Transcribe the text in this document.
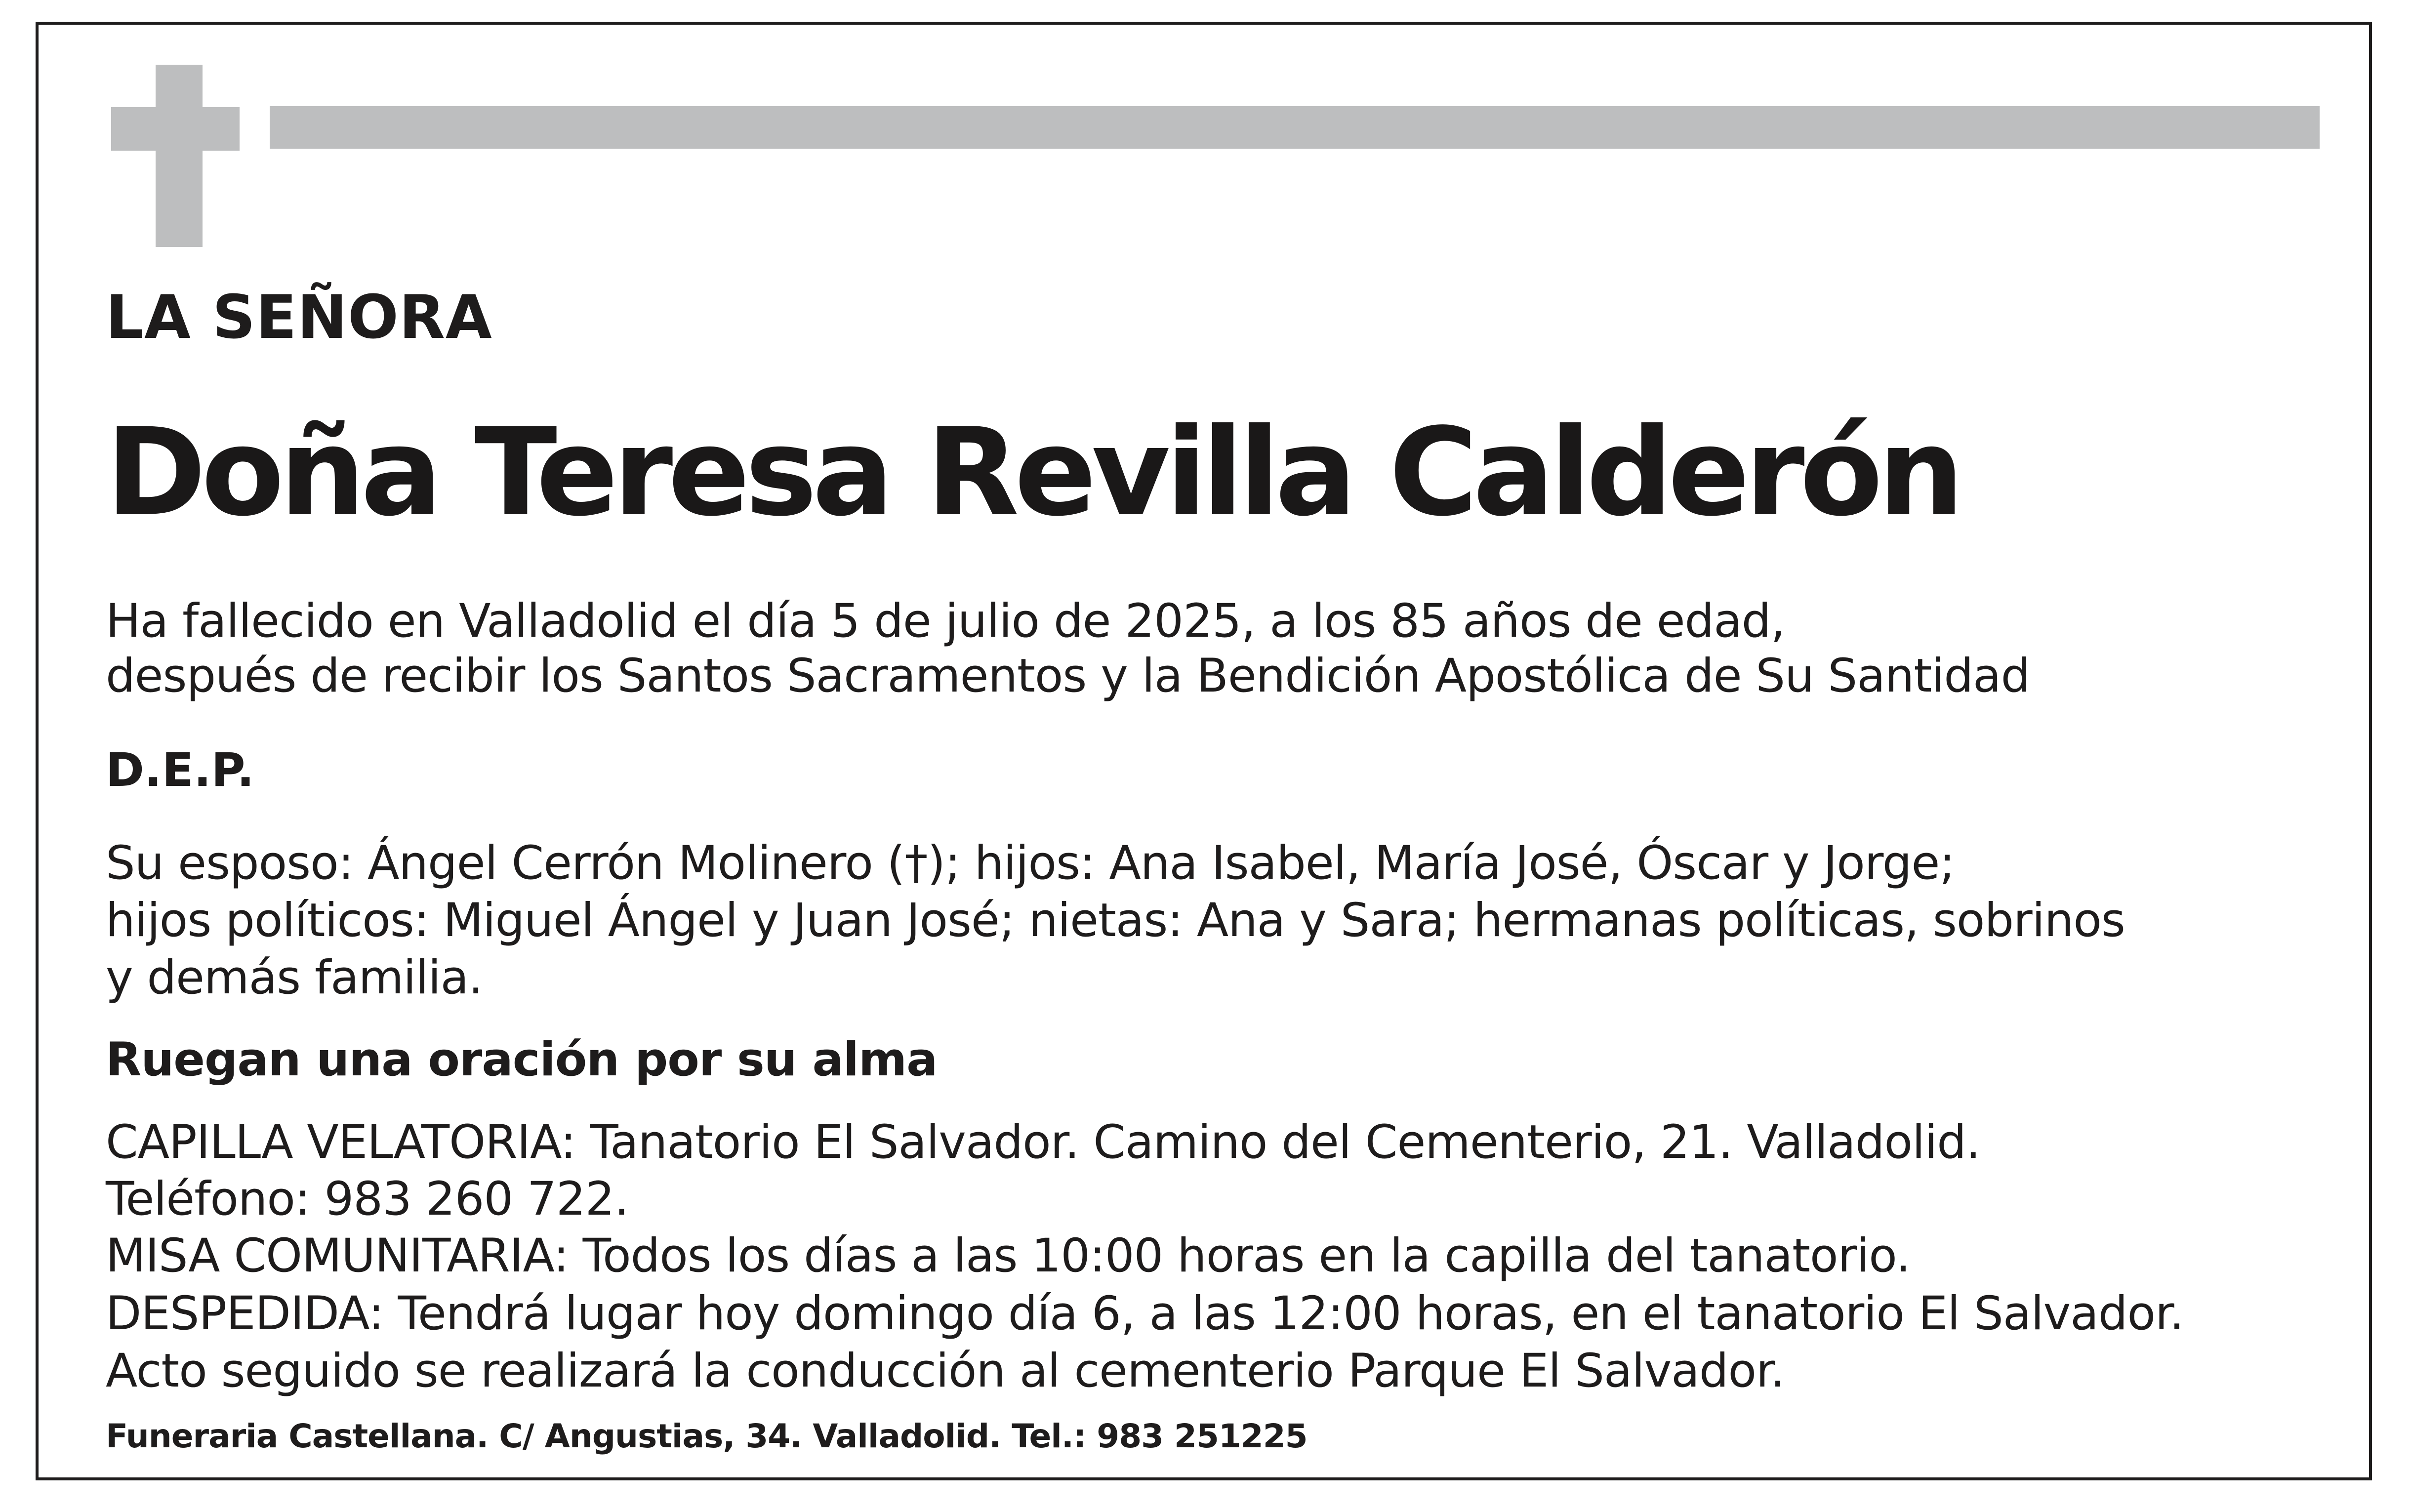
LA SEÑORA

Doña Teresa Revilla Calderón

Ha fallecido en Valladolid el día 5 de julio de 2025, a los 85 años de edad,

después de recibir los Santos Sacramentos y la Bendición Apostólica de Su Santidad

D.E.P.

Su esposo: Ángel Cerrón Molinero (†); hijos: Ana Isabel, María José, Óscar y Jorge;

hijos políticos: Miguel Ángel y Juan José; nietas: Ana y Sara; hermanas políticas, sobrinos

y demás familia.

Ruegan una oración por su alma

CAPILLA VELATORIA: Tanatorio El Salvador. Camino del Cementerio, 21. Valladolid.

Teléfono: 983 260 722.

MISA COMUNITARIA: Todos los días a las 10:00 horas en la capilla del tanatorio.

DESPEDIDA: Tendrá lugar hoy domingo día 6, a las 12:00 horas, en el tanatorio El Salvador.

Acto seguido se realizará la conducción al cementerio Parque El Salvador.

Funeraria Castellana. C/ Angustias, 34. Valladolid. Tel.: 983 251225
